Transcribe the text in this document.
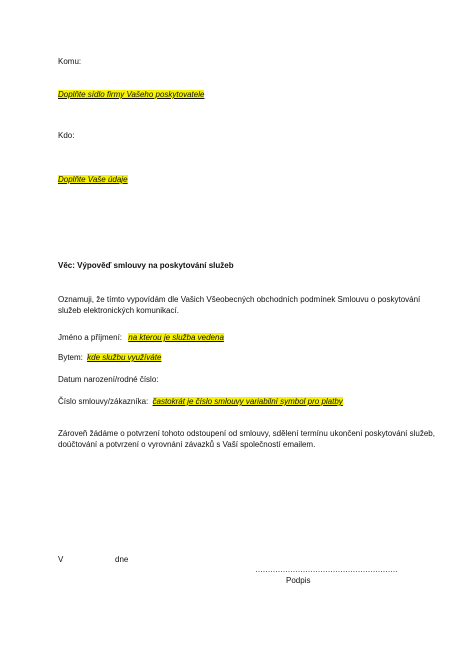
Komu:
Doplňte sídlo firmy Vašeho poskytovatele
Kdo:
Doplňte Vaše údaje
Věc: Výpověď smlouvy na poskytování služeb
Oznamuji, že tímto vypovídám dle Vašich Všeobecných obchodních podmínek Smlouvu o poskytování služeb elektronických komunikací.
Jméno a příjmení: na kterou je služba vedena
Bytem: kde službu využíváte
Datum narození/rodné číslo:
Číslo smlouvy/zákazníka: častokrát je číslo smlouvy variabilní symbol pro platby
Zároveň žádáme o potvrzení tohoto odstoupení od smlouvy, sdělení termínu ukončení poskytování služeb, doúčtování a potvrzení o vyrovnání závazků s Vaší společností emailem.
V	dne
…………………………………………………
Podpis
